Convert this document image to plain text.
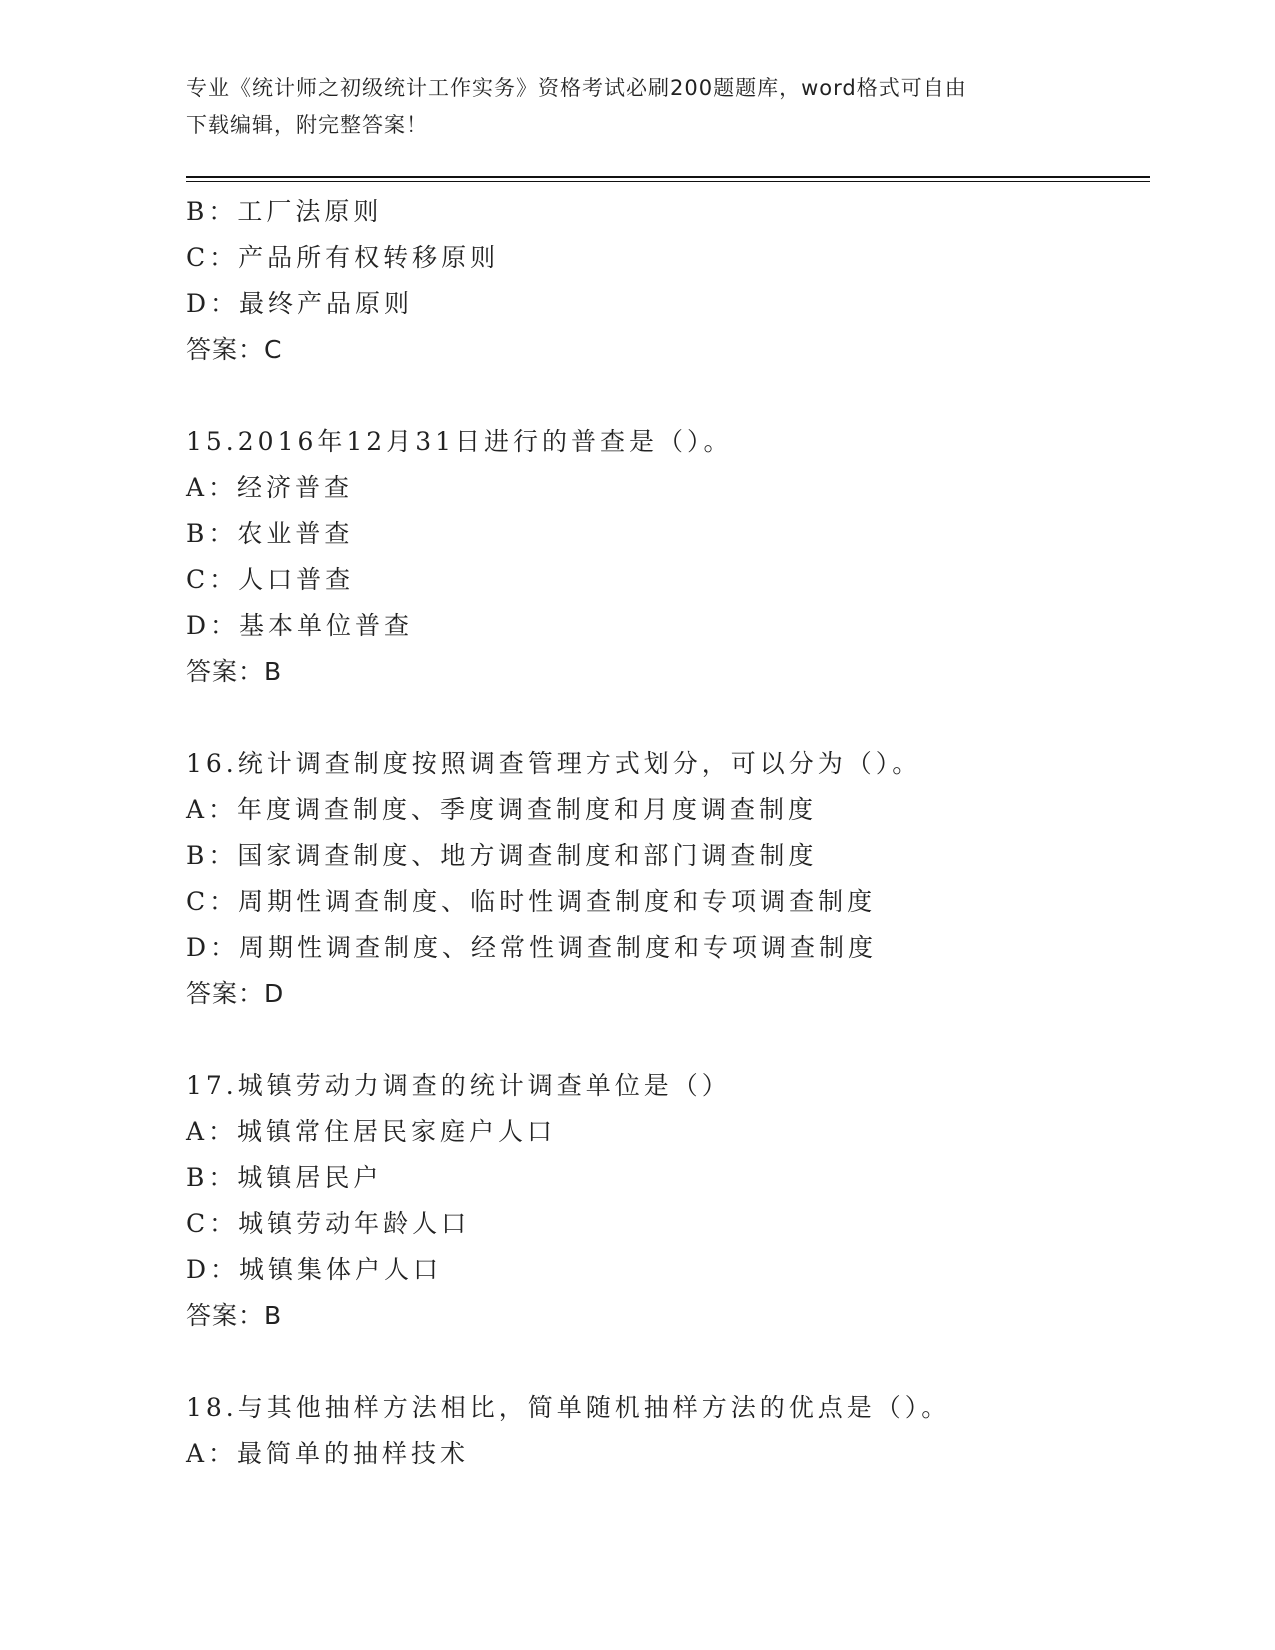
专业《统计师之初级统计工作实务》资格考试必刷200题题库，word格式可自由
下载编辑，附完整答案！
B：工厂法原则
C：产品所有权转移原则
D：最终产品原则
答案：C
15.2016年12月31日进行的普查是（）。
A：经济普查
B：农业普查
C：人口普查
D：基本单位普查
答案：B
16.统计调查制度按照调查管理方式划分，可以分为（）。
A：年度调查制度、季度调查制度和月度调查制度
B：国家调查制度、地方调查制度和部门调查制度
C：周期性调查制度、临时性调查制度和专项调查制度
D：周期性调查制度、经常性调查制度和专项调查制度
答案：D
17.城镇劳动力调查的统计调查单位是（）
A：城镇常住居民家庭户人口
B：城镇居民户
C：城镇劳动年龄人口
D：城镇集体户人口
答案：B
18.与其他抽样方法相比，简单随机抽样方法的优点是（）。
A：最简单的抽样技术
